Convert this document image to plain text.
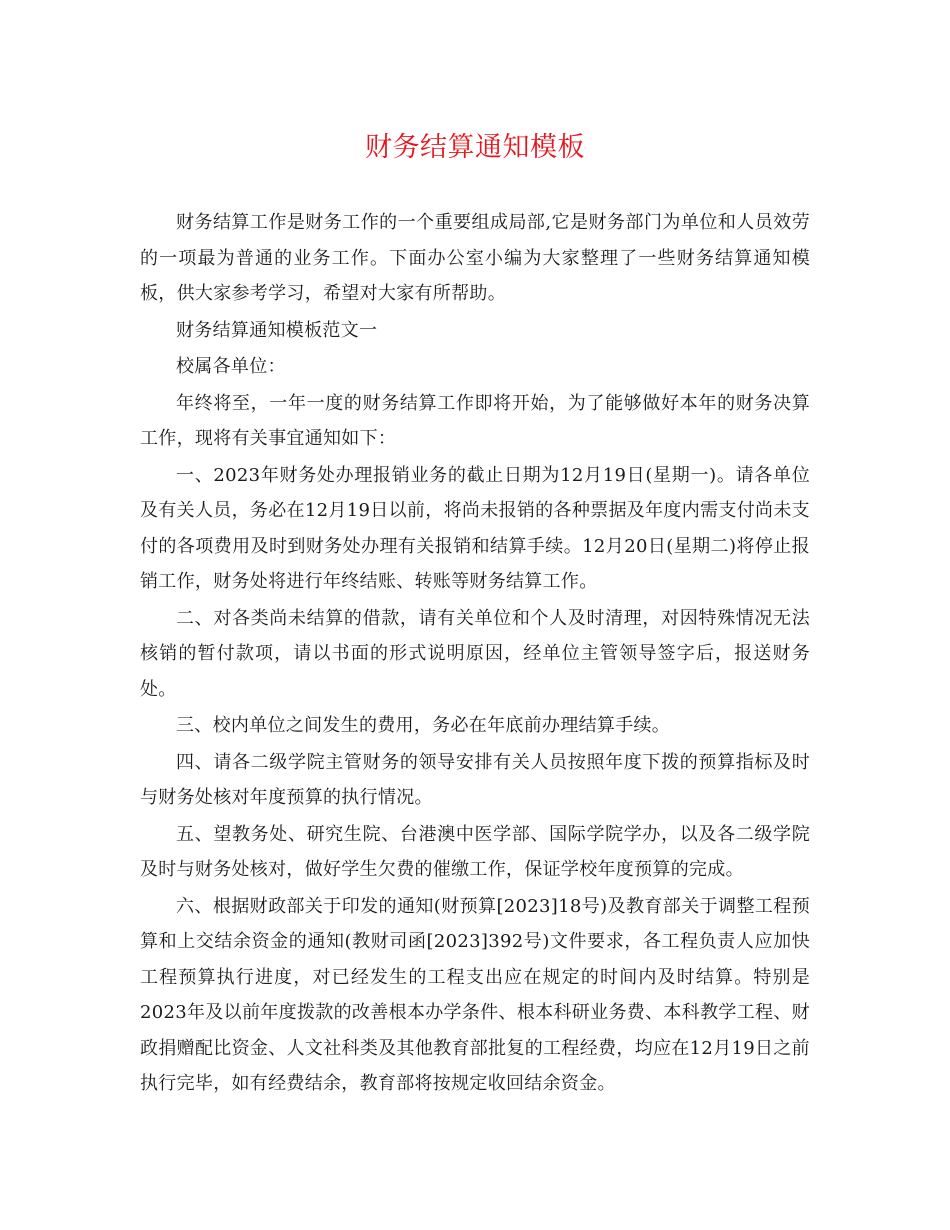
财务结算通知模板

财务结算工作是财务工作的一个重要组成局部,它是财务部门为单位和人员效劳的一项最为普通的业务工作。下面办公室小编为大家整理了一些财务结算通知模板，供大家参考学习，希望对大家有所帮助。

财务结算通知模板范文一

校属各单位：

年终将至，一年一度的财务结算工作即将开始，为了能够做好本年的财务决算工作，现将有关事宜通知如下：

一、2023年财务处办理报销业务的截止日期为12月19日(星期一)。请各单位及有关人员，务必在12月19日以前，将尚未报销的各种票据及年度内需支付尚未支付的各项费用及时到财务处办理有关报销和结算手续。12月20日(星期二)将停止报销工作，财务处将进行年终结账、转账等财务结算工作。

二、对各类尚未结算的借款，请有关单位和个人及时清理，对因特殊情况无法核销的暂付款项，请以书面的形式说明原因，经单位主管领导签字后，报送财务处。

三、校内单位之间发生的费用，务必在年底前办理结算手续。

四、请各二级学院主管财务的领导安排有关人员按照年度下拨的预算指标及时与财务处核对年度预算的执行情况。

五、望教务处、研究生院、台港澳中医学部、国际学院学办，以及各二级学院及时与财务处核对，做好学生欠费的催缴工作，保证学校年度预算的完成。

六、根据财政部关于印发的通知(财预算[2023]18号)及教育部关于调整工程预算和上交结余资金的通知(教财司函[2023]392号)文件要求，各工程负责人应加快工程预算执行进度，对已经发生的工程支出应在规定的时间内及时结算。特别是2023年及以前年度拨款的改善根本办学条件、根本科研业务费、本科教学工程、财政捐赠配比资金、人文社科类及其他教育部批复的工程经费，均应在12月19日之前执行完毕，如有经费结余，教育部将按规定收回结余资金。
